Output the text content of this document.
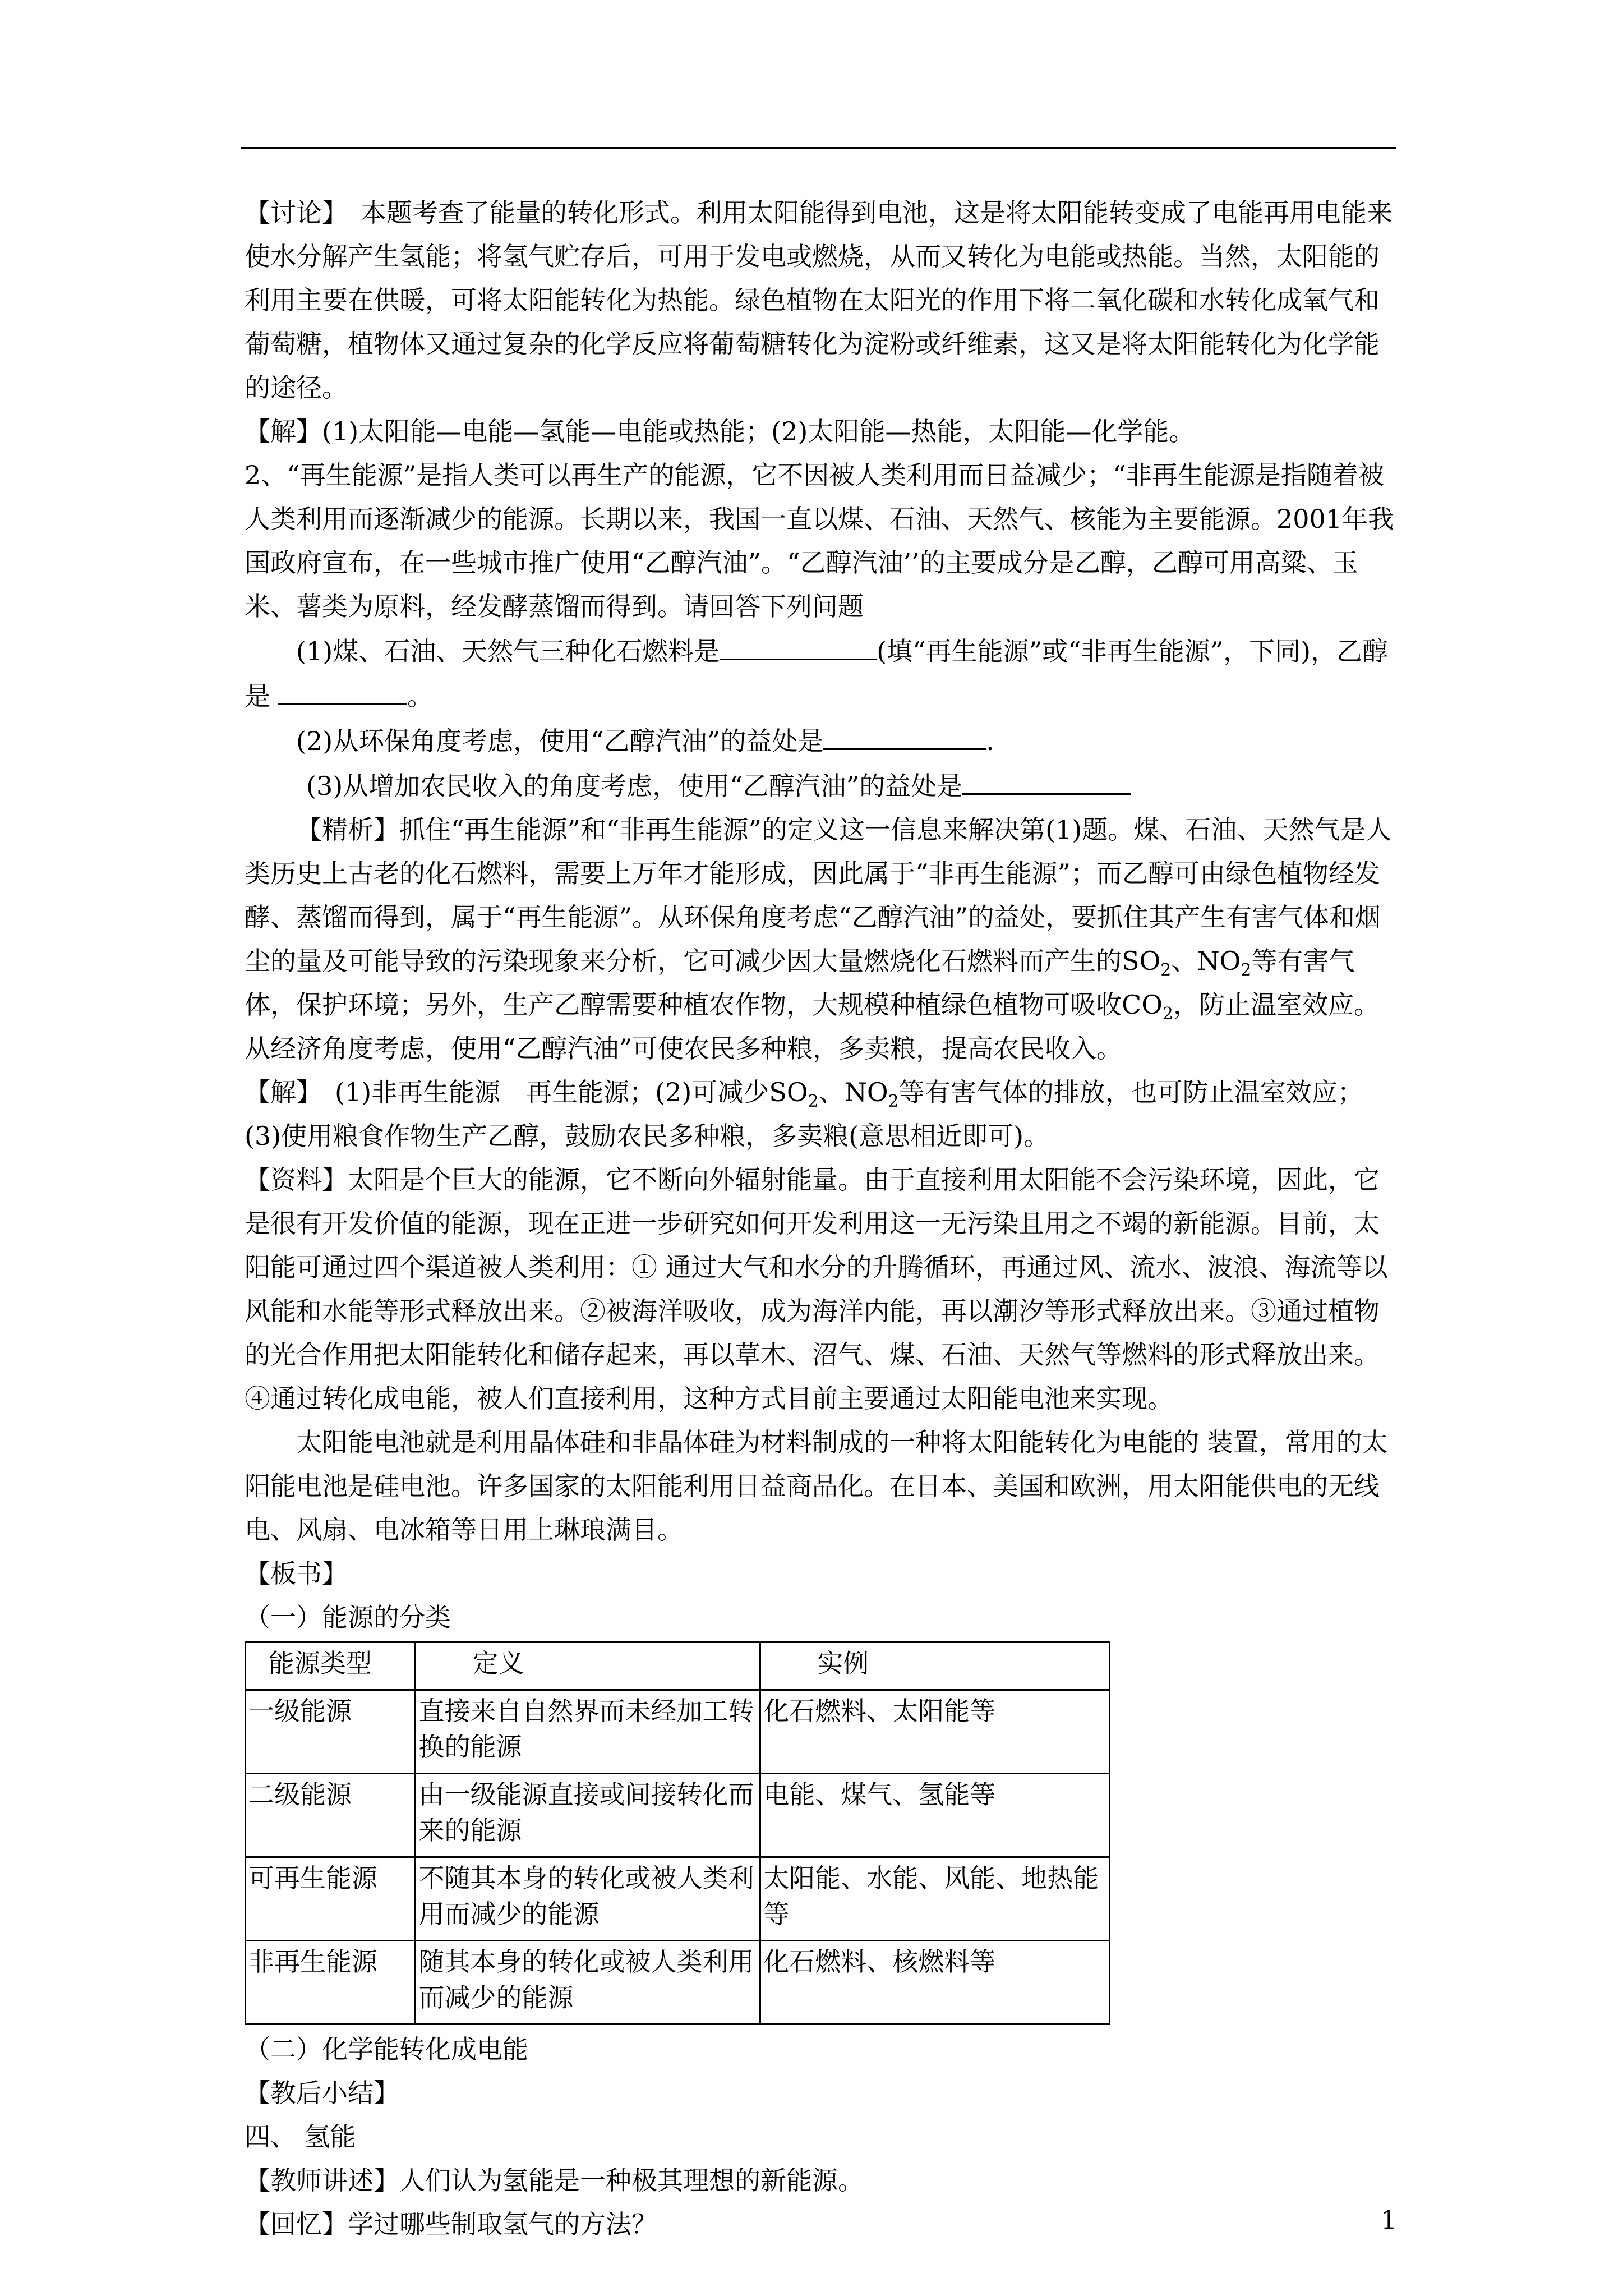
【讨论】　本题考查了能量的转化形式。利用太阳能得到电池，这是将太阳能转变成了电能再用电能来使水分解产生氢能；将氢气贮存后，可用于发电或燃烧，从而又转化为电能或热能。当然，太阳能的利用主要在供暖，可将太阳能转化为热能。绿色植物在太阳光的作用下将二氧化碳和水转化成氧气和葡萄糖，植物体又通过复杂的化学反应将葡萄糖转化为淀粉或纤维素，这又是将太阳能转化为化学能的途径。

【解】(1)太阳能—电能—氢能—电能或热能；(2)太阳能—热能，太阳能—化学能。

2、“再生能源”是指人类可以再生产的能源，它不因被人类利用而日益减少；“非再生能源是指随着被人类利用而逐渐减少的能源。长期以来，我国一直以煤、石油、天然气、核能为主要能源。2001年我国政府宣布，在一些城市推广使用“乙醇汽油”。“乙醇汽油’’的主要成分是乙醇，乙醇可用高粱、玉米、薯类为原料，经发酵蒸馏而得到。请回答下列问题

(1)煤、石油、天然气三种化石燃料是	(填“再生能源”或“非再生能源”，下同)，乙醇是	。

(2)从环保角度考虑，使用“乙醇汽油”的益处是	.

(3)从增加农民收入的角度考虑，使用“乙醇汽油”的益处是

【精析】抓住“再生能源”和“非再生能源”的定义这一信息来解决第(1)题。煤、石油、天然气是人类历史上古老的化石燃料，需要上万年才能形成，因此属于“非再生能源”；而乙醇可由绿色植物经发酵、蒸馏而得到，属于“再生能源”。从环保角度考虑“乙醇汽油”的益处，要抓住其产生有害气体和烟尘的量及可能导致的污染现象来分析，它可减少因大量燃烧化石燃料而产生的$SO_2$、$NO_2$等有害气体，保护环境；另外，生产乙醇需要种植农作物，大规模种植绿色植物可吸收$CO_2$，防止温室效应。从经济角度考虑，使用“乙醇汽油”可使农民多种粮，多卖粮，提高农民收入。

【解】　(1)非再生能源　再生能源；(2)可减少$SO_2$、$NO_2$等有害气体的排放，也可防止温室效应；(3)使用粮食作物生产乙醇，鼓励农民多种粮，多卖粮(意思相近即可)。

【资料】太阳是个巨大的能源，它不断向外辐射能量。由于直接利用太阳能不会污染环境，因此，它是很有开发价值的能源，现在正进一步研究如何开发利用这一无污染且用之不竭的新能源。目前，太阳能可通过四个渠道被人类利用：① 通过大气和水分的升腾循环，再通过风、流水、波浪、海流等以风能和水能等形式释放出来。②被海洋吸收，成为海洋内能，再以潮汐等形式释放出来。③通过植物的光合作用把太阳能转化和储存起来，再以草木、沼气、煤、石油、天然气等燃料的形式释放出来。④通过转化成电能，被人们直接利用，这种方式目前主要通过太阳能电池来实现。

太阳能电池就是利用晶体硅和非晶体硅为材料制成的一种将太阳能转化为电能的 装置，常用的太阳能电池是硅电池。许多国家的太阳能利用日益商品化。在日本、美国和欧洲，用太阳能供电的无线电、风扇、电冰箱等日用上琳琅满目。

【板书】

（一）能源的分类

能源类型	定义	实例
一级能源	直接来自自然界而未经加工转换的能源	化石燃料、太阳能等
二级能源	由一级能源直接或间接转化而来的能源	电能、煤气、氢能等
可再生能源	不随其本身的转化或被人类利用而减少的能源	太阳能、水能、风能、地热能等
非再生能源	随其本身的转化或被人类利用而减少的能源	化石燃料、核燃料等

（二）化学能转化成电能

【教后小结】

四、 氢能

【教师讲述】人们认为氢能是一种极其理想的新能源。

【回忆】学过哪些制取氢气的方法？	1
